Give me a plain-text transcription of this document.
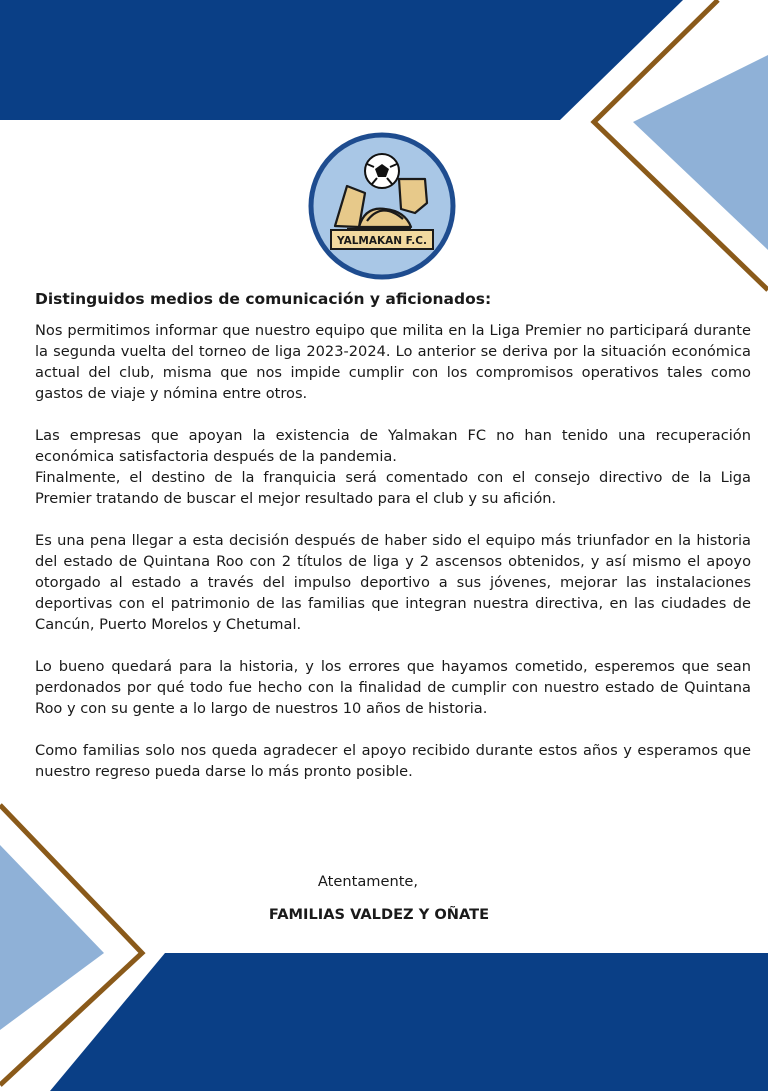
YALMAKAN F.C.

Distinguidos medios de comunicación y aficionados:

Nos permitimos informar que nuestro equipo que milita en la Liga Premier no participará durante la segunda vuelta del torneo de liga 2023-2024. Lo anterior se deriva por la situación económica actual del club, misma que nos impide cumplir con los compromisos operativos tales como gastos de viaje y nómina entre otros.

Las empresas que apoyan la existencia de Yalmakan FC no han tenido una recuperación económica satisfactoria después de la pandemia.

Finalmente, el destino de la franquicia será comentado con el consejo directivo de la Liga Premier tratando de buscar el mejor resultado para el club y su afición.

Es una pena llegar a esta decisión después de haber sido el equipo más triunfador en la historia del estado de Quintana Roo con 2 títulos de liga y 2 ascensos obtenidos, y así mismo el apoyo otorgado al estado a través del impulso deportivo a sus jóvenes, mejorar las instalaciones deportivas con el patrimonio de las familias que integran nuestra directiva, en las ciudades de Cancún, Puerto Morelos y Chetumal.

Lo bueno quedará para la historia, y los errores que hayamos cometido, esperemos que sean perdonados por qué todo fue hecho con la finalidad de cumplir con nuestro estado de Quintana Roo y con su gente a lo largo de nuestros 10 años de historia.

Como familias solo nos queda agradecer el apoyo recibido durante estos años y esperamos que nuestro regreso pueda darse lo más pronto posible.

Atentamente,
FAMILIAS VALDEZ Y OÑATE
